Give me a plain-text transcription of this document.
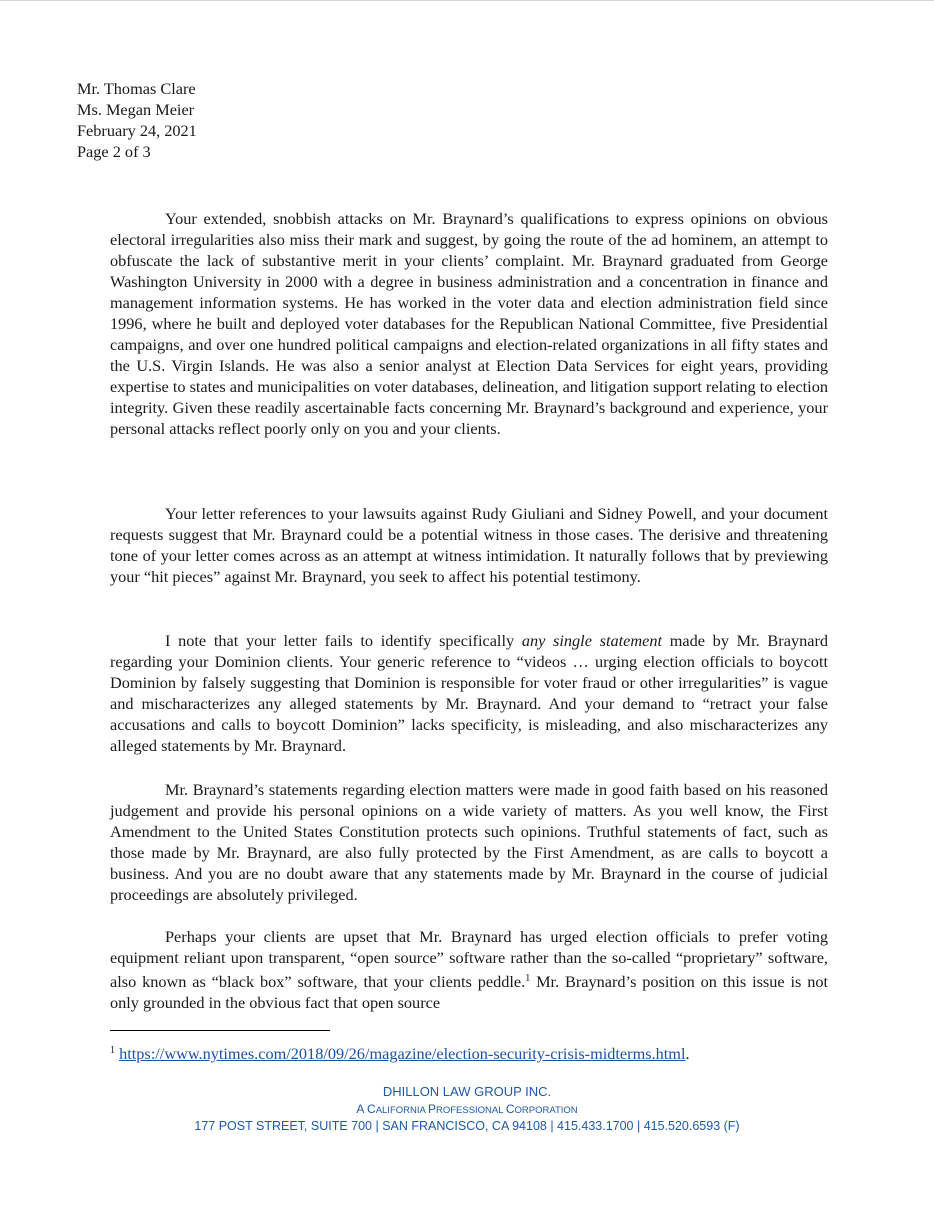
Mr. Thomas Clare
Ms. Megan Meier
February 24, 2021
Page 2 of 3

Your extended, snobbish attacks on Mr. Braynard’s qualifications to express opinions on obvious electoral irregularities also miss their mark and suggest, by going the route of the ad hominem, an attempt to obfuscate the lack of substantive merit in your clients’ complaint. Mr. Braynard graduated from George Washington University in 2000 with a degree in business administration and a concentration in finance and management information systems. He has worked in the voter data and election administration field since 1996, where he built and deployed voter databases for the Republican National Committee, five Presidential campaigns, and over one hundred political campaigns and election-related organizations in all fifty states and the U.S. Virgin Islands. He was also a senior analyst at Election Data Services for eight years, providing expertise to states and municipalities on voter databases, delineation, and litigation support relating to election integrity. Given these readily ascertainable facts concerning Mr. Braynard’s background and experience, your personal attacks reflect poorly only on you and your clients.

Your letter references to your lawsuits against Rudy Giuliani and Sidney Powell, and your document requests suggest that Mr. Braynard could be a potential witness in those cases. The derisive and threatening tone of your letter comes across as an attempt at witness intimidation. It naturally follows that by previewing your “hit pieces” against Mr. Braynard, you seek to affect his potential testimony.

I note that your letter fails to identify specifically any single statement made by Mr. Braynard regarding your Dominion clients. Your generic reference to “videos … urging election officials to boycott Dominion by falsely suggesting that Dominion is responsible for voter fraud or other irregularities” is vague and mischaracterizes any alleged statements by Mr. Braynard. And your demand to “retract your false accusations and calls to boycott Dominion” lacks specificity, is misleading, and also mischaracterizes any alleged statements by Mr. Braynard.

Mr. Braynard’s statements regarding election matters were made in good faith based on his reasoned judgement and provide his personal opinions on a wide variety of matters. As you well know, the First Amendment to the United States Constitution protects such opinions. Truthful statements of fact, such as those made by Mr. Braynard, are also fully protected by the First Amendment, as are calls to boycott a business. And you are no doubt aware that any statements made by Mr. Braynard in the course of judicial proceedings are absolutely privileged.

Perhaps your clients are upset that Mr. Braynard has urged election officials to prefer voting equipment reliant upon transparent, “open source” software rather than the so-called “proprietary” software, also known as “black box” software, that your clients peddle.$^1$ Mr. Braynard’s position on this issue is not only grounded in the obvious fact that open source

$^1$ https://www.nytimes.com/2018/09/26/magazine/election-security-crisis-midterms.html.
DHILLON LAW GROUP INC.
A CALIFORNIA PROFESSIONAL CORPORATION
177 POST STREET, SUITE 700 | SAN FRANCISCO, CA 94108 | 415.433.1700 | 415.520.6593 (F)
